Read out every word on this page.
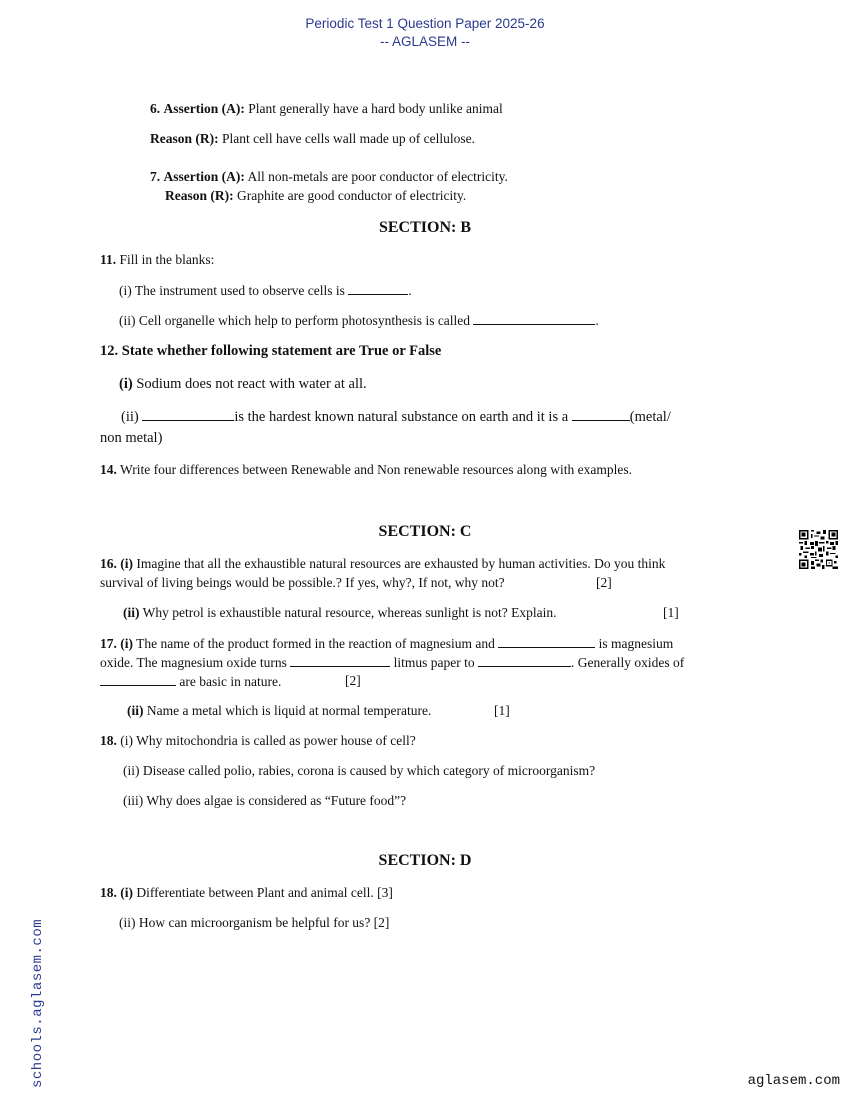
Periodic Test 1 Question Paper 2025-26
-- AGLASEM --
6. Assertion (A): Plant generally have a hard body unlike animal
Reason (R): Plant cell have cells wall made up of cellulose.
7. Assertion (A): All non-metals are poor conductor of electricity.
Reason (R): Graphite are good conductor of electricity.
SECTION: B
11. Fill in the blanks:
(i) The instrument used to observe cells is	.
(ii) Cell organelle which help to perform photosynthesis is called	.
12. State whether following statement are True or False
(i) Sodium does not react with water at all.
(ii)	is the hardest known natural substance on earth and it is a	(metal/
non metal)
14. Write four differences between Renewable and Non renewable resources along with examples.
SECTION: C
16. (i) Imagine that all the exhaustible natural resources are exhausted by human activities. Do you think
survival of living beings would be possible.? If yes, why?, If not, why not?	[2]
(ii) Why petrol is exhaustible natural resource, whereas sunlight is not? Explain.	[1]
17. (i) The name of the product formed in the reaction of magnesium and	is magnesium
oxide. The magnesium oxide turns	litmus paper to	. Generally oxides of
are basic in nature.	[2]
(ii) Name a metal which is liquid at normal temperature.	[1]
18. (i) Why mitochondria is called as power house of cell?
(ii) Disease called polio, rabies, corona is caused by which category of microorganism?
(iii) Why does algae is considered as “Future food”?
SECTION: D
18. (i) Differentiate between Plant and animal cell. [3]
(ii) How can microorganism be helpful for us? [2]
schools.aglasem.com	aglasem.com
